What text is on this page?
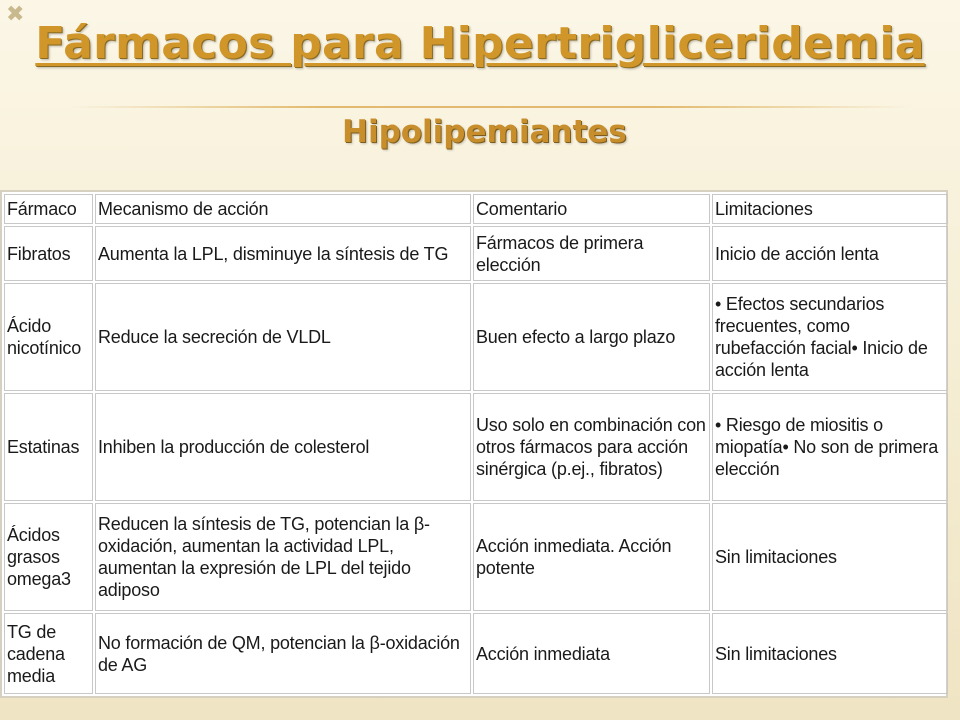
✖
Fármacos para Hipertrigliceridemia
Hipolipemiantes
Fármaco	Mecanismo de acción	Comentario	Limitaciones
Fibratos	Aumenta la LPL, disminuye la síntesis de TG	Fármacos de primera elección	Inicio de acción lenta
Ácido nicotínico	Reduce la secreción de VLDL	Buen efecto a largo plazo	• Efectos secundarios frecuentes, como rubefacción facial• Inicio de acción lenta
Estatinas	Inhiben la producción de colesterol	Uso solo en combinación con otros fármacos para acción sinérgica (p.ej., fibratos)	• Riesgo de miositis o miopatía• No son de primera elección
Ácidos grasos omega3	Reducen la síntesis de TG, potencian la β-oxidación, aumentan la actividad LPL, aumentan la expresión de LPL del tejido adiposo	Acción inmediata. Acción potente	Sin limitaciones
TG de cadena media	No formación de QM, potencian la β-oxidación de AG	Acción inmediata	Sin limitaciones
